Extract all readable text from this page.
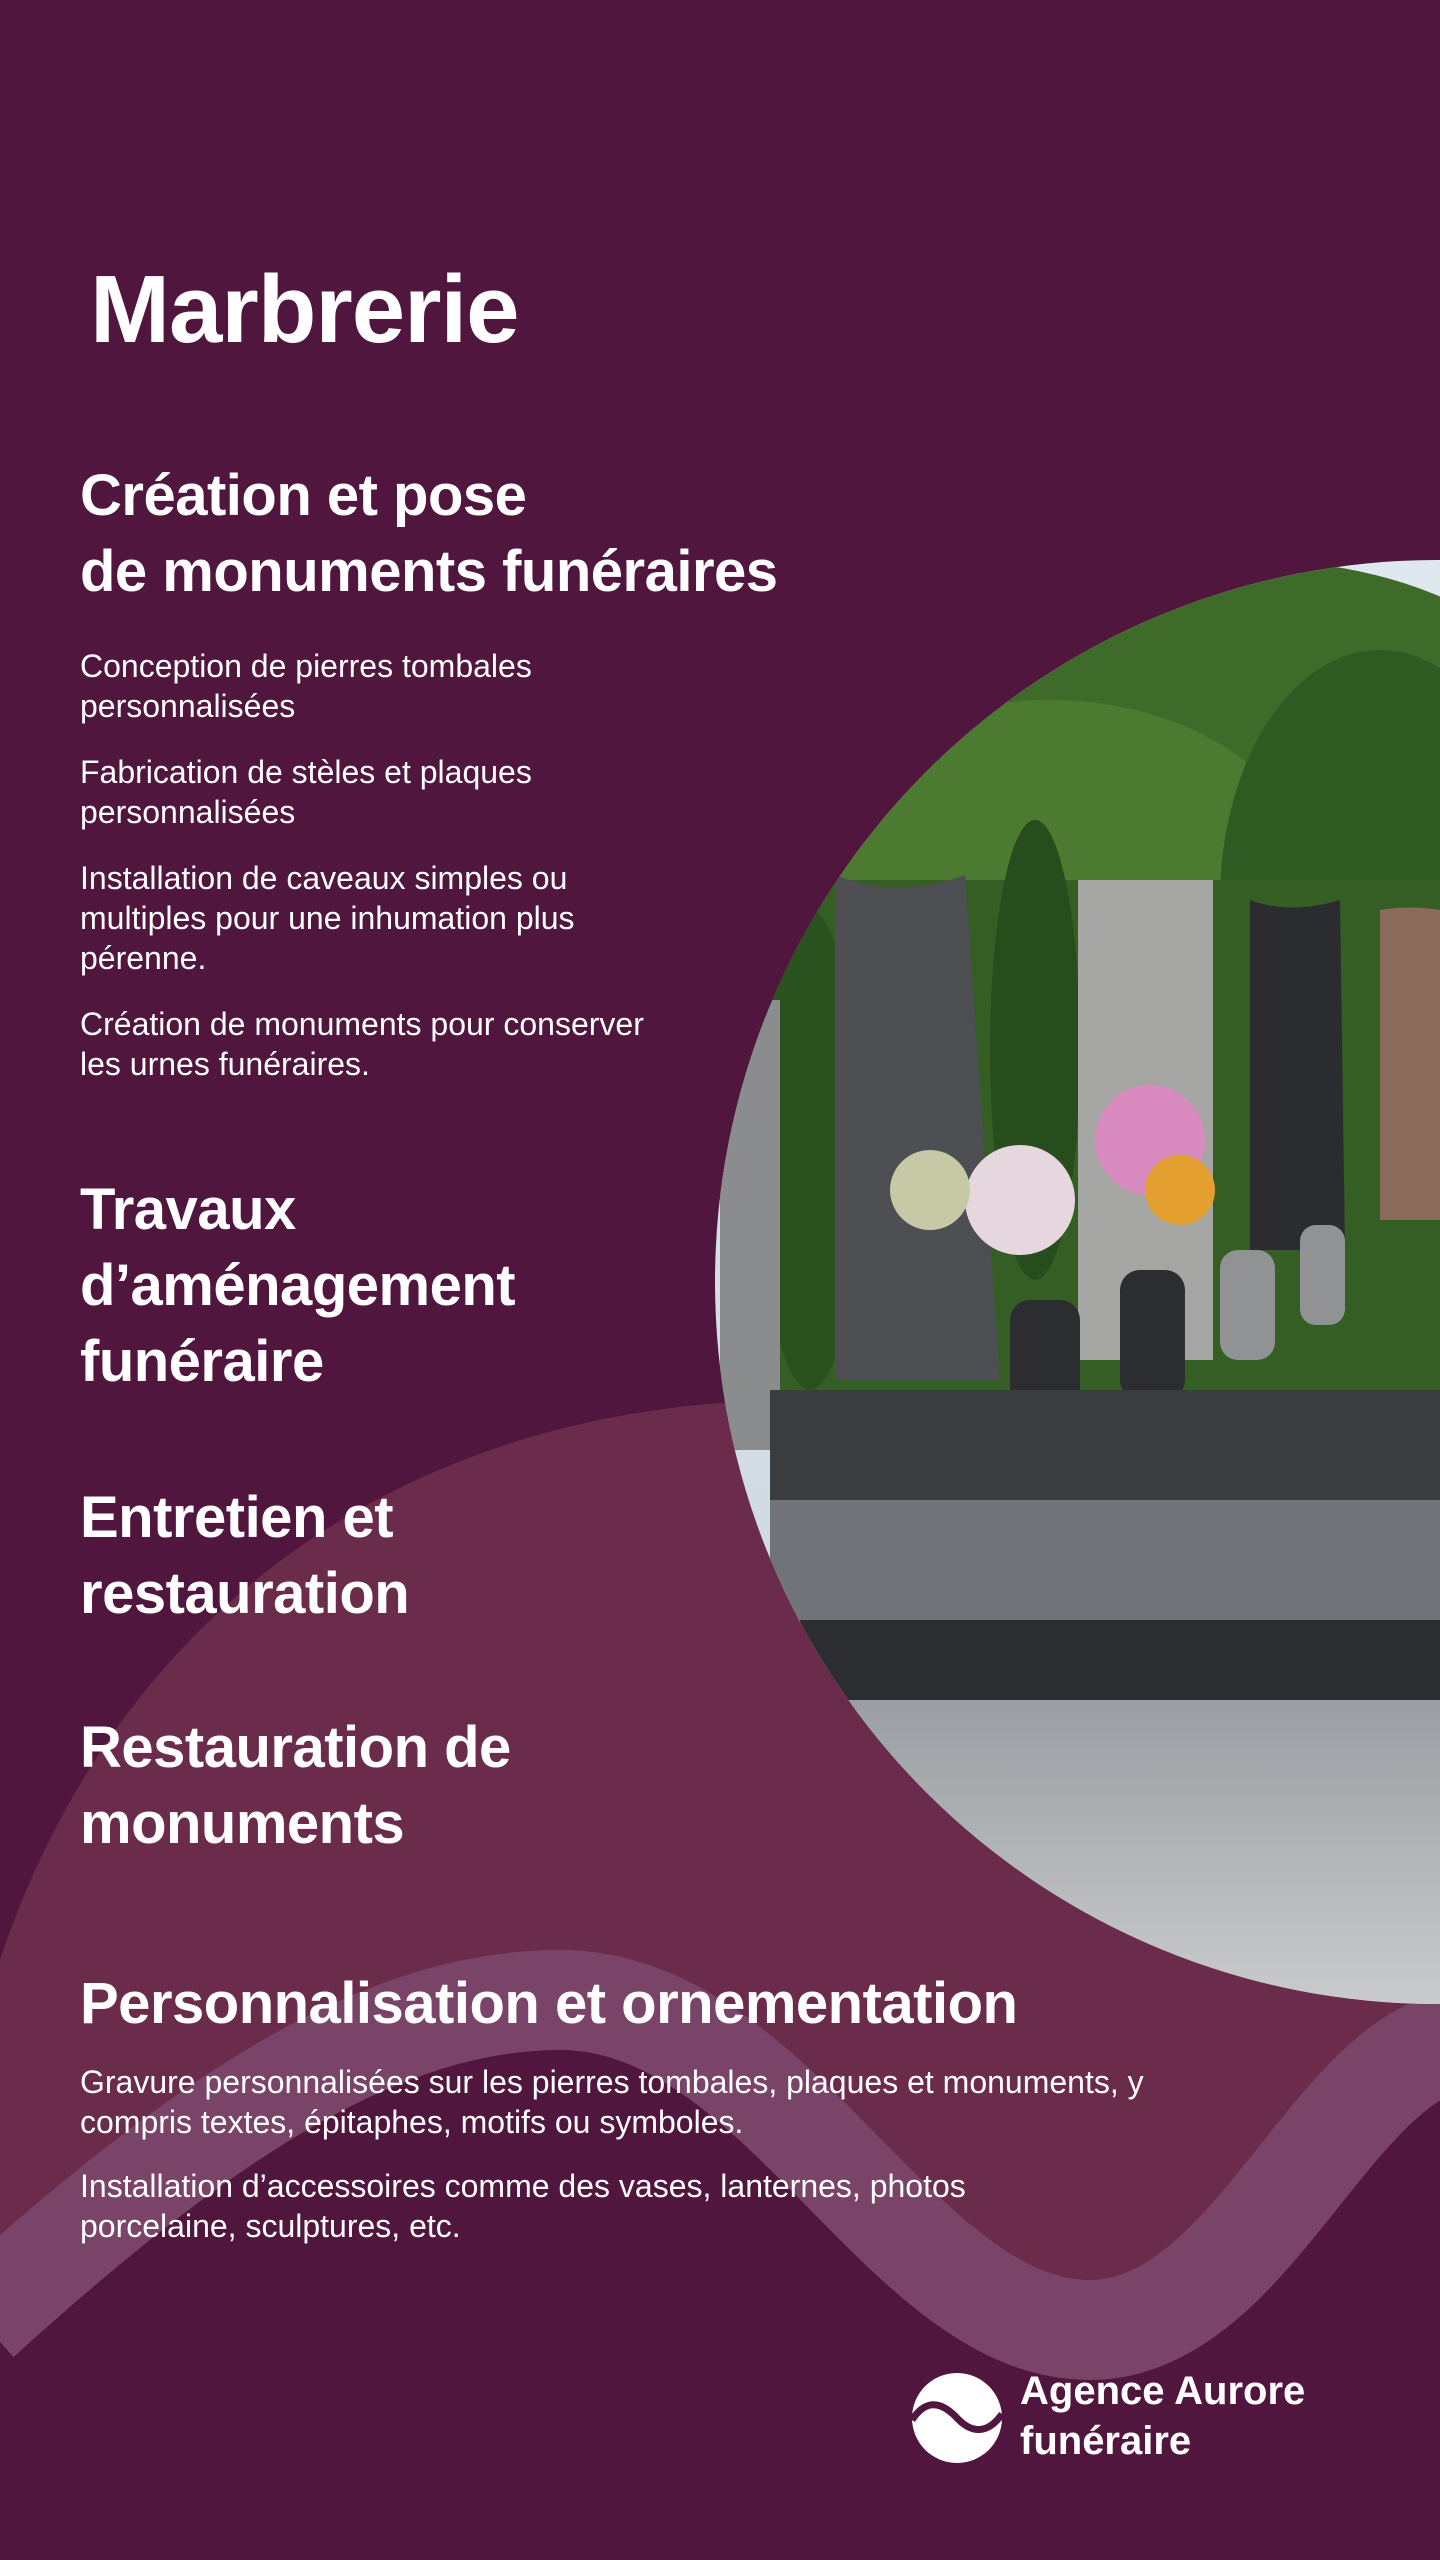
Marbrerie
Création et pose
de monuments funéraires

Conception de pierres tombales personnalisées

Fabrication de stèles et plaques personnalisées

Installation de caveaux simples ou multiples pour une inhumation plus pérenne.

Création de monuments pour conserver les urnes funéraires.

Travaux
d’aménagement
funéraire
Entretien et
restauration
Restauration de
monuments
Personnalisation et ornementation

Gravure personnalisées sur les pierres tombales, plaques et monuments, y compris textes, épitaphes, motifs ou symboles.

Installation d’accessoires comme des vases, lanternes, photos porcelaine, sculptures, etc.

Agence Aurore
funéraire
